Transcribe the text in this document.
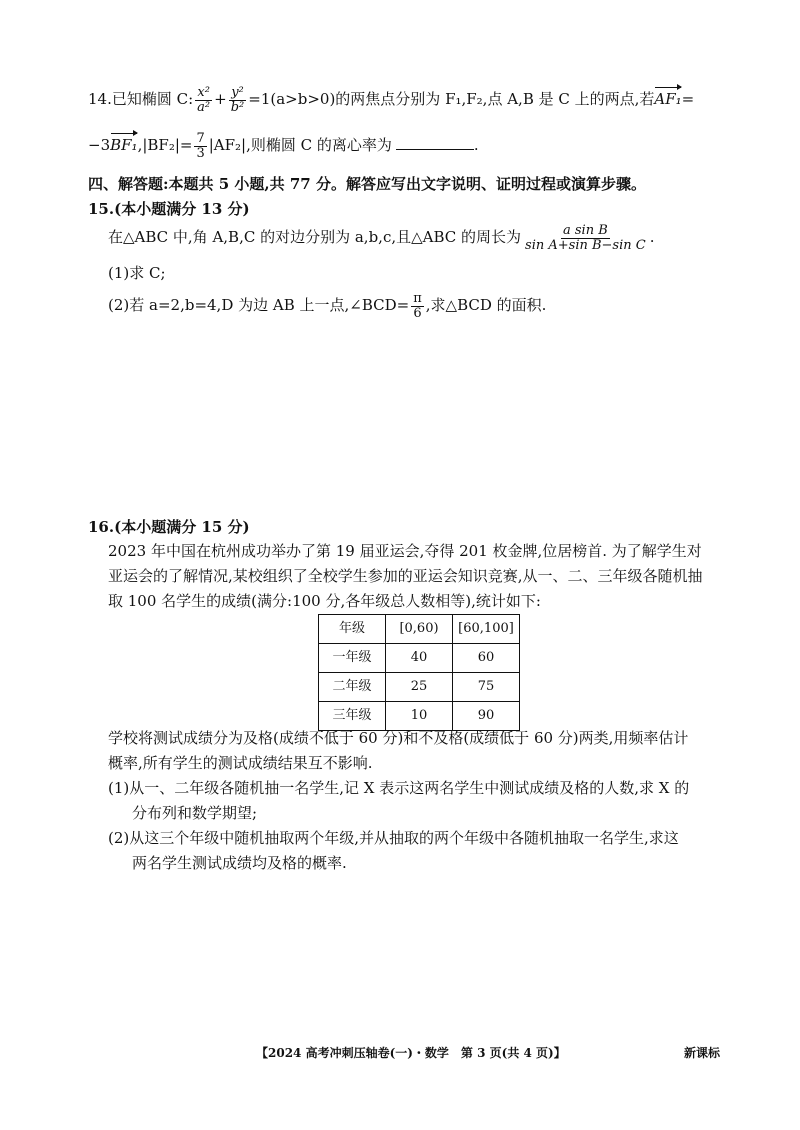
14.已知椭圆 C: $\frac{\text{x²}}{\text{a²}} + \frac{\text{y²}}{\text{b²}} =1(a>b>0)$的两焦点分别为 F₁,F₂,点 A,B 是 C 上的两点,若AF₁=
$-3BF_1,|BF_2|= \frac{7}{3} |AF_2|$,则椭圆 C 的离心率为	.
四、解答题:本题共 5 小题,共 77 分。解答应写出文字说明、证明过程或演算步骤。
15.(本小题满分 13 分)
在△ABC 中,角 A,B,C 的对边分别为 a,b,c,且△ABC 的周长为 $\frac{\text{a sin B}}{\text{sin A+sin B−sin C}}$ .
(1)求 C;
(2)若 a=2,b=4,D 为边 AB 上一点,∠BCD= $\frac{\pi}{6}$ ,求△BCD 的面积.
16.(本小题满分 15 分)
2023 年中国在杭州成功举办了第 19 届亚运会,夺得 201 枚金牌,位居榜首. 为了解学生对
亚运会的了解情况,某校组织了全校学生参加的亚运会知识竞赛,从一、二、三年级各随机抽
取 100 名学生的成绩(满分:100 分,各年级总人数相等),统计如下:
年级	[0,60)	[60,100]
一年级	40	60
二年级	25	75
三年级	10	90
学校将测试成绩分为及格(成绩不低于 60 分)和不及格(成绩低于 60 分)两类,用频率估计
概率,所有学生的测试成绩结果互不影响.
(1)从一、二年级各随机抽一名学生,记 X 表示这两名学生中测试成绩及格的人数,求 X 的
分布列和数学期望;
(2)从这三个年级中随机抽取两个年级,并从抽取的两个年级中各随机抽取一名学生,求这
两名学生测试成绩均及格的概率.
【2024 高考冲刺压轴卷(一)・数学　第 3 页(共 4 页)】	新课标
